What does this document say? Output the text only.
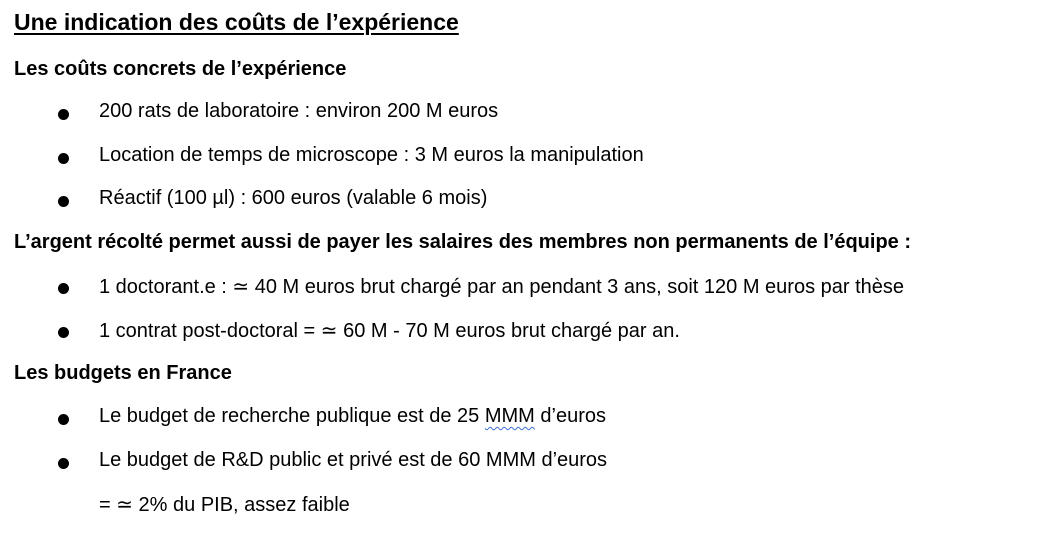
Une indication des coûts de l’expérience
Les coûts concrets de l’expérience
200 rats de laboratoire : environ 200 M euros
Location de temps de microscope : 3 M euros la manipulation
Réactif (100 µl) : 600 euros (valable 6 mois)
L’argent récolté permet aussi de payer les salaires des membres non permanents de l’équipe :
1 doctorant.e : ≃ 40 M euros brut chargé par an pendant 3 ans, soit 120 M euros par thèse
1 contrat post-doctoral = ≃ 60 M - 70 M euros brut chargé par an.
Les budgets en France
Le budget de recherche publique est de 25 MMM d’euros
Le budget de R&D public et privé est de 60 MMM d’euros
= ≃ 2% du PIB, assez faible
